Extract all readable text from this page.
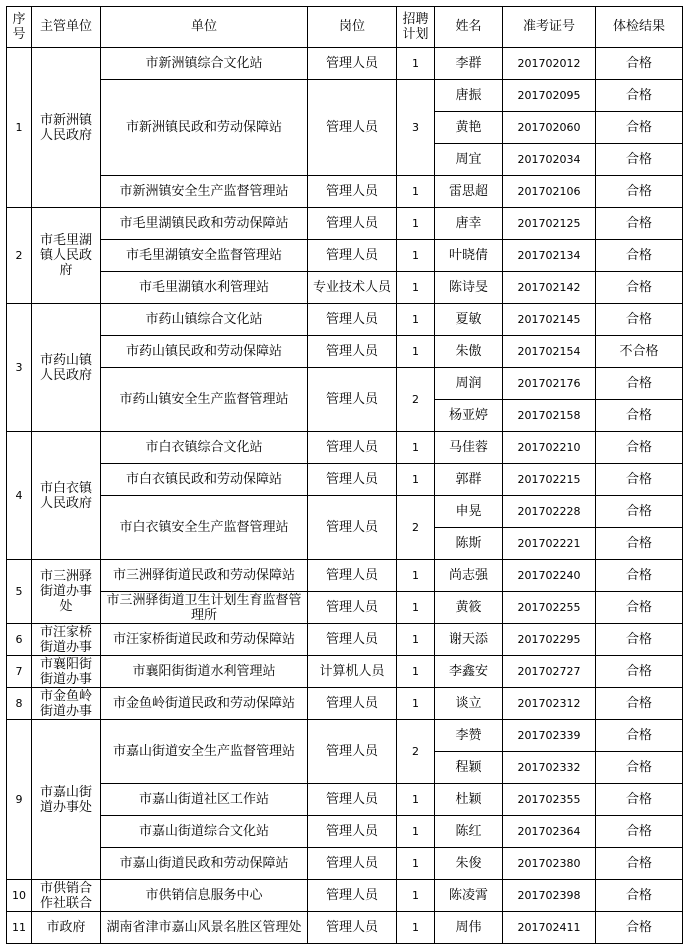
序号	主管单位	单位	岗位	招聘计划	姓名	准考证号	体检结果
1	市新洲镇人民政府	市新洲镇综合文化站	管理人员	1	李群	201702012	合格
		市新洲镇民政和劳动保障站	管理人员	3	唐振	201702095	合格
					黄艳	201702060	合格
					周宜	201702034	合格
		市新洲镇安全生产监督管理站	管理人员	1	雷思超	201702106	合格
2	市毛里湖镇人民政府	市毛里湖镇民政和劳动保障站	管理人员	1	唐幸	201702125	合格
		市毛里湖镇安全监督管理站	管理人员	1	叶晓倩	201702134	合格
		市毛里湖镇水利管理站	专业技术人员	1	陈诗旻	201702142	合格
3	市药山镇人民政府	市药山镇综合文化站	管理人员	1	夏敏	201702145	合格
		市药山镇民政和劳动保障站	管理人员	1	朱傲	201702154	不合格
		市药山镇安全生产监督管理站	管理人员	2	周润	201702176	合格
					杨亚婷	201702158	合格
4	市白衣镇人民政府	市白衣镇综合文化站	管理人员	1	马佳蓉	201702210	合格
		市白衣镇民政和劳动保障站	管理人员	1	郭群	201702215	合格
		市白衣镇安全生产监督管理站	管理人员	2	申晃	201702228	合格
					陈斯	201702221	合格
5	市三洲驿街道办事处	市三洲驿街道民政和劳动保障站	管理人员	1	尚志强	201702240	合格
		市三洲驿街道卫生计划生育监督管理所	管理人员	1	黄筱	201702255	合格
6	市汪家桥街道办事	市汪家桥街道民政和劳动保障站	管理人员	1	谢天添	201702295	合格
7	市襄阳街街道办事	市襄阳街街道水利管理站	计算机人员	1	李鑫安	201702727	合格
8	市金鱼岭街道办事	市金鱼岭街道民政和劳动保障站	管理人员	1	谈立	201702312	合格
9	市嘉山街道办事处	市嘉山街道安全生产监督管理站	管理人员	2	李赞	201702339	合格
					程颖	201702332	合格
		市嘉山街道社区工作站	管理人员	1	杜颖	201702355	合格
		市嘉山街道综合文化站	管理人员	1	陈红	201702364	合格
		市嘉山街道民政和劳动保障站	管理人员	1	朱俊	201702380	合格
10	市供销合作社联合	市供销信息服务中心	管理人员	1	陈凌霄	201702398	合格
11	市政府	湖南省津市嘉山风景名胜区管理处	管理人员	1	周伟	201702411	合格
